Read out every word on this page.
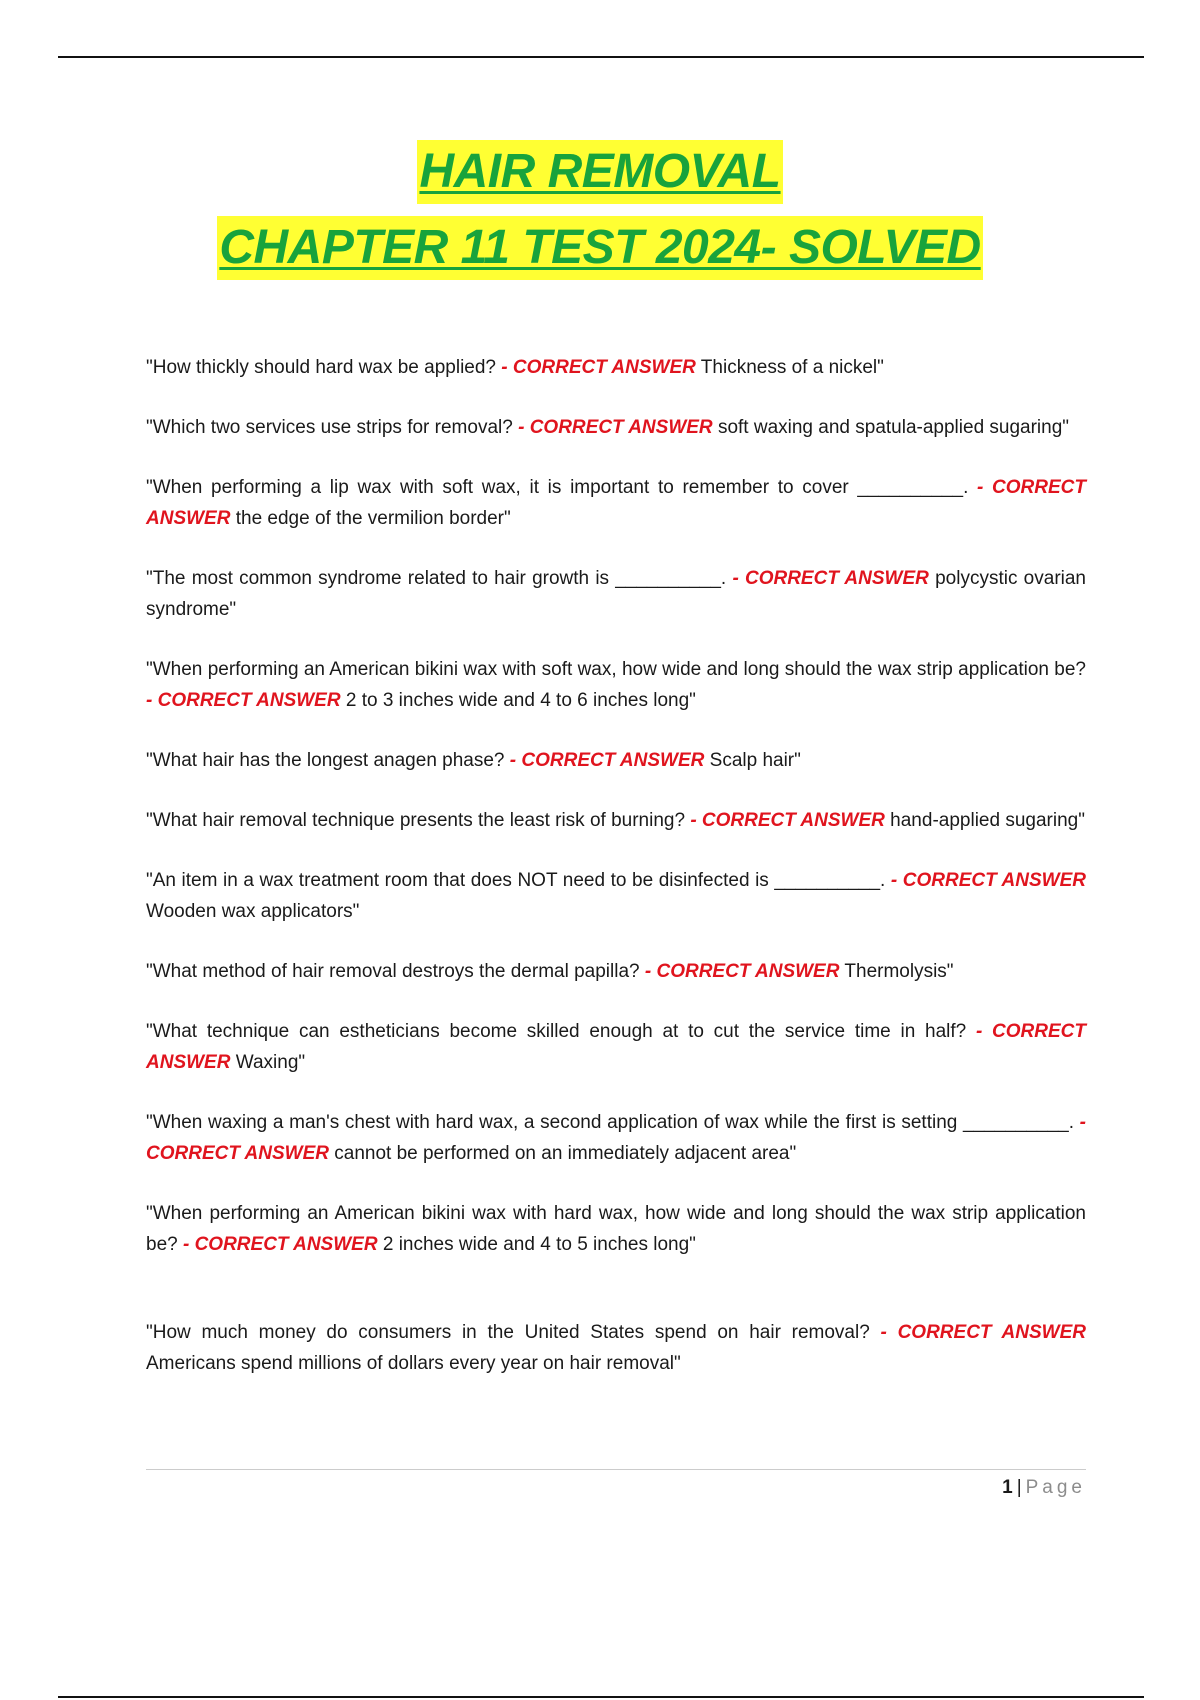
HAIR REMOVAL
CHAPTER 11 TEST 2024- SOLVED

"How thickly should hard wax be applied? - CORRECT ANSWER Thickness of a nickel"

"Which two services use strips for removal? - CORRECT ANSWER soft waxing and spatula-applied sugaring"

"When performing a lip wax with soft wax, it is important to remember to cover __________. - CORRECT ANSWER the edge of the vermilion border"

"The most common syndrome related to hair growth is __________. - CORRECT ANSWER polycystic ovarian syndrome"

"When performing an American bikini wax with soft wax, how wide and long should the wax strip application be? - CORRECT ANSWER 2 to 3 inches wide and 4 to 6 inches long"

"What hair has the longest anagen phase? - CORRECT ANSWER Scalp hair"

"What hair removal technique presents the least risk of burning? - CORRECT ANSWER hand-applied sugaring"

"An item in a wax treatment room that does NOT need to be disinfected is __________. - CORRECT ANSWER Wooden wax applicators"

"What method of hair removal destroys the dermal papilla? - CORRECT ANSWER Thermolysis"

"What technique can estheticians become skilled enough at to cut the service time in half? - CORRECT ANSWER Waxing"

"When waxing a man's chest with hard wax, a second application of wax while the first is setting __________. - CORRECT ANSWER cannot be performed on an immediately adjacent area"

"When performing an American bikini wax with hard wax, how wide and long should the wax strip application be? - CORRECT ANSWER 2 inches wide and 4 to 5 inches long"

"How much money do consumers in the United States spend on hair removal? - CORRECT ANSWER Americans spend millions of dollars every year on hair removal"

1 | Page
